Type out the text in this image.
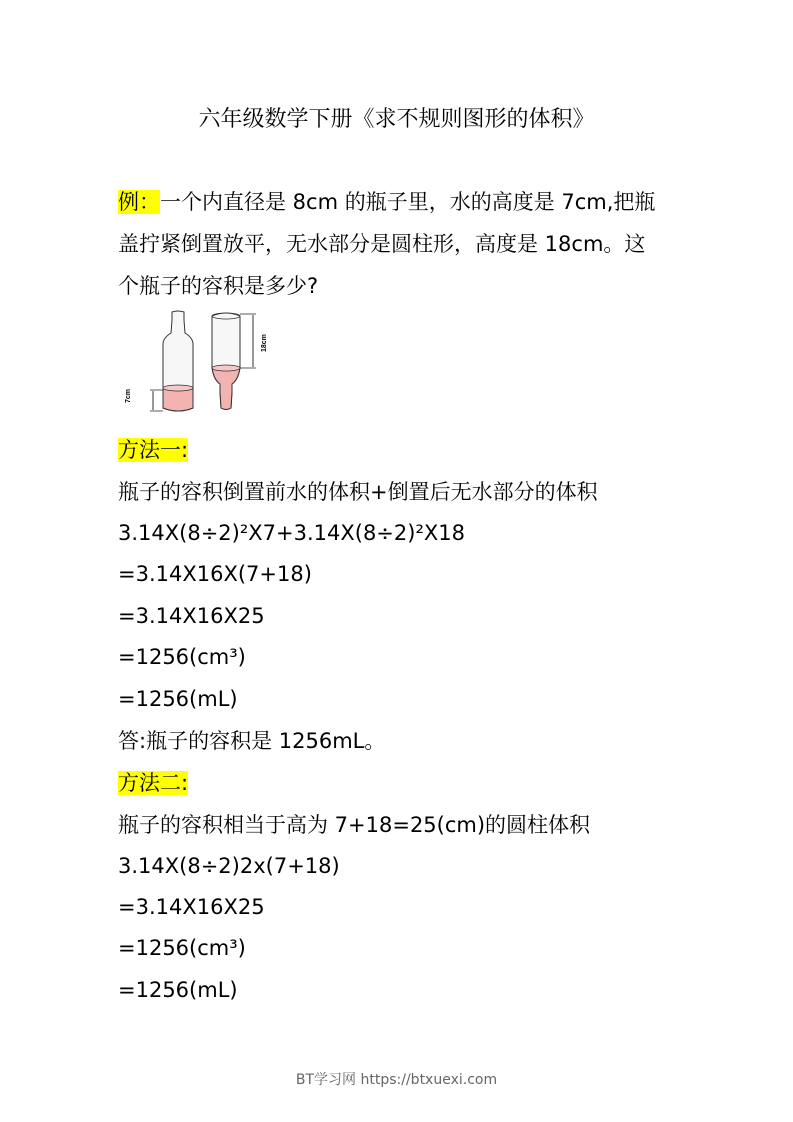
六年级数学下册《求不规则图形的体积》
例：一个内直径是 8cm 的瓶子里，水的高度是 7cm,把瓶
盖拧紧倒置放平，无水部分是圆柱形，高度是 18cm。这
个瓶子的容积是多少?
7cm
18cm
方法一:
瓶子的容积倒置前水的体积+倒置后无水部分的体积
3.14X(8÷2)²X7+3.14X(8÷2)²X18
=3.14X16X(7+18)
=3.14X16X25
=1256(cm³)
=1256(mL)
答:瓶子的容积是 1256mL。
方法二:
瓶子的容积相当于高为 7+18=25(cm)的圆柱体积
3.14X(8÷2)2x(7+18)
=3.14X16X25
=1256(cm³)
=1256(mL)
BT学习网 https://btxuexi.com
